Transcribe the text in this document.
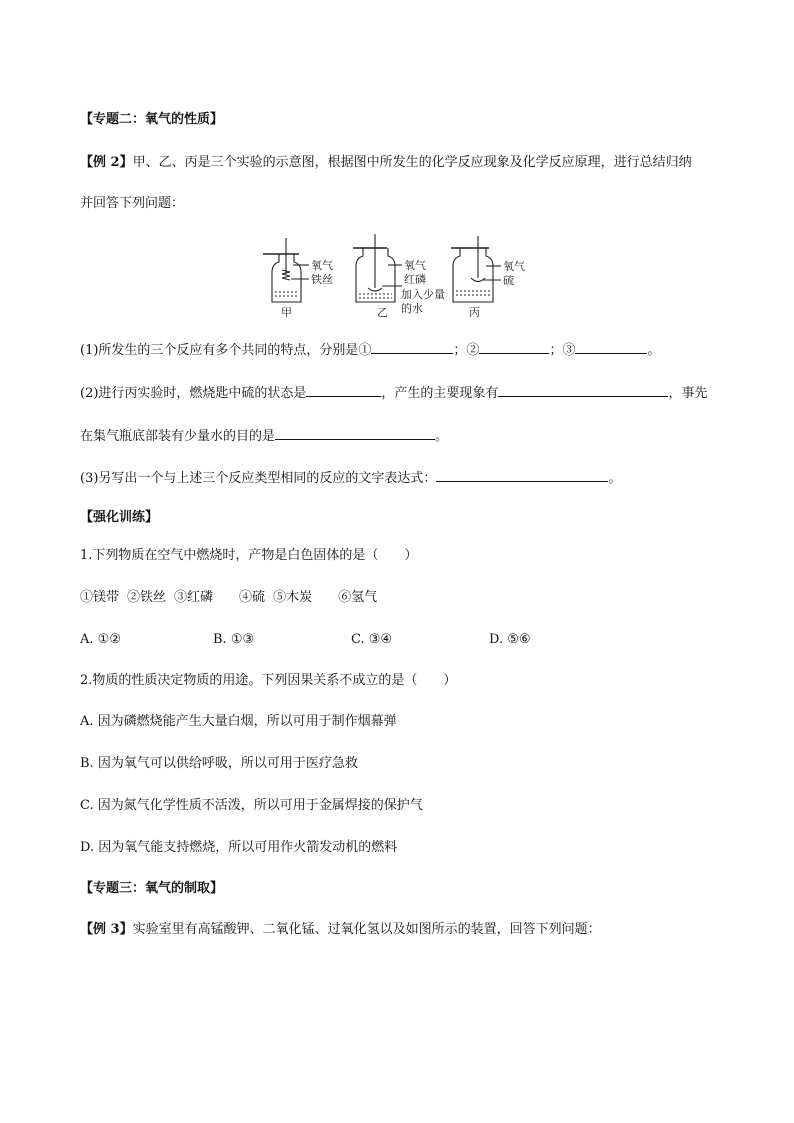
【专题二：氧气的性质】
【例 2】甲、乙、丙是三个实验的示意图，根据图中所发生的化学反应现象及化学反应原理，进行总结归纳
并回答下列问题：
氧气
铁丝
甲
氧气
红磷
加入少量
的水
乙
氧气
硫
丙
(1)所发生的三个反应有多个共同的特点，分别是①	；②	；③	。
(2)进行丙实验时，燃烧匙中硫的状态是	，产生的主要现象有	，事先
在集气瓶底部装有少量水的目的是	。
(3)另写出一个与上述三个反应类型相同的反应的文字表达式：	。
【强化训练】
1.下列物质在空气中燃烧时，产物是白色固体的是（　　）
①镁带 ②铁丝 ③红磷 ④硫 ⑤木炭 ⑥氢气
A. ①②	B. ①③	C. ③④	D. ⑤⑥
2.物质的性质决定物质的用途。下列因果关系不成立的是（　　）
A. 因为磷燃烧能产生大量白烟，所以可用于制作烟幕弹
B. 因为氧气可以供给呼吸，所以可用于医疗急救
C. 因为氮气化学性质不活泼，所以可用于金属焊接的保护气
D. 因为氧气能支持燃烧，所以可用作火箭发动机的燃料
【专题三：氧气的制取】
【例 3】实验室里有高锰酸钾、二氧化锰、过氧化氢以及如图所示的装置，回答下列问题：
